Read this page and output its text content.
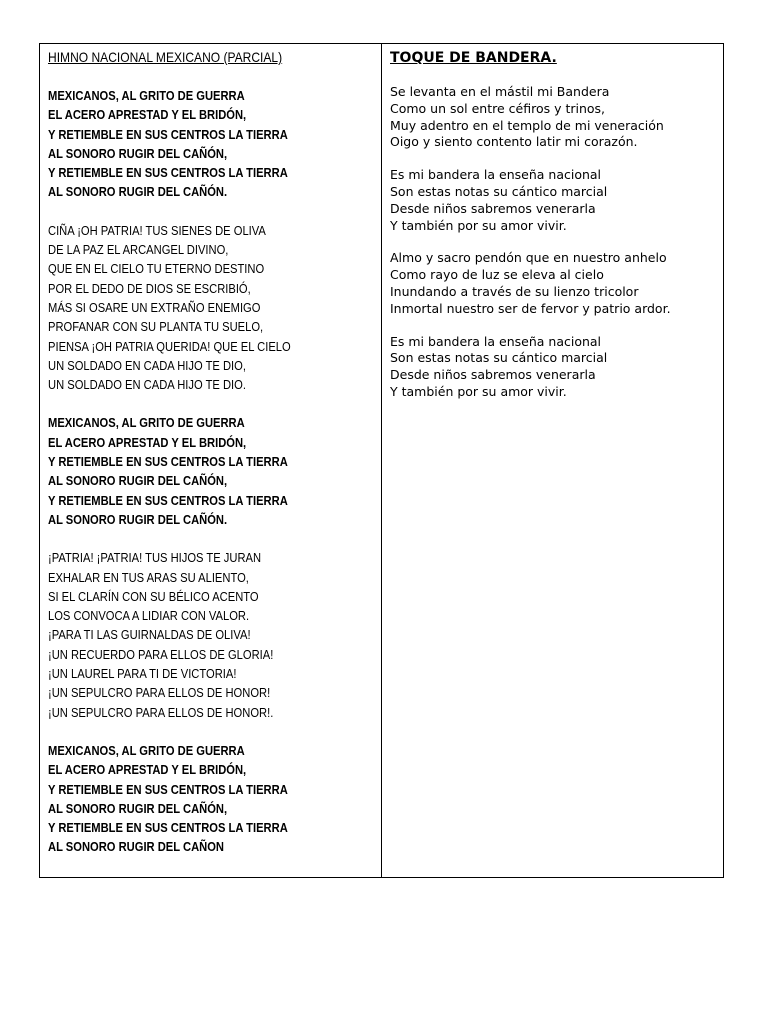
HIMNO NACIONAL MEXICANO (PARCIAL)
MEXICANOS, AL GRITO DE GUERRA
EL ACERO APRESTAD Y EL BRIDÓN,
Y RETIEMBLE EN SUS CENTROS LA TIERRA
AL SONORO RUGIR DEL CAÑÓN,
Y RETIEMBLE EN SUS CENTROS LA TIERRA
AL SONORO RUGIR DEL CAÑÓN.
CIÑA ¡OH PATRIA! TUS SIENES DE OLIVA
DE LA PAZ EL ARCANGEL DIVINO,
QUE EN EL CIELO TU ETERNO DESTINO
POR EL DEDO DE DIOS SE ESCRIBIÓ,
MÁS SI OSARE UN EXTRAÑO ENEMIGO
PROFANAR CON SU PLANTA TU SUELO,
PIENSA ¡OH PATRIA QUERIDA! QUE EL CIELO
UN SOLDADO EN CADA HIJO TE DIO,
UN SOLDADO EN CADA HIJO TE DIO.
MEXICANOS, AL GRITO DE GUERRA
EL ACERO APRESTAD Y EL BRIDÓN,
Y RETIEMBLE EN SUS CENTROS LA TIERRA
AL SONORO RUGIR DEL CAÑÓN,
Y RETIEMBLE EN SUS CENTROS LA TIERRA
AL SONORO RUGIR DEL CAÑÓN.
¡PATRIA! ¡PATRIA! TUS HIJOS TE JURAN
EXHALAR EN TUS ARAS SU ALIENTO,
SI EL CLARÍN CON SU BÉLICO ACENTO
LOS CONVOCA A LIDIAR CON VALOR.
¡PARA TI LAS GUIRNALDAS DE OLIVA!
¡UN RECUERDO PARA ELLOS DE GLORIA!
¡UN LAUREL PARA TI DE VICTORIA!
¡UN SEPULCRO PARA ELLOS DE HONOR!
¡UN SEPULCRO PARA ELLOS DE HONOR!.
MEXICANOS, AL GRITO DE GUERRA
EL ACERO APRESTAD Y EL BRIDÓN,
Y RETIEMBLE EN SUS CENTROS LA TIERRA
AL SONORO RUGIR DEL CAÑÓN,
Y RETIEMBLE EN SUS CENTROS LA TIERRA
AL SONORO RUGIR DEL CAÑON
TOQUE DE BANDERA.
Se levanta en el mástil mi Bandera
Como un sol entre céfiros y trinos,
Muy adentro en el templo de mi veneración
Oigo y siento contento latir mi corazón.
Es mi bandera la enseña nacional
Son estas notas su cántico marcial
Desde niños sabremos venerarla
Y también por su amor vivir.
Almo y sacro pendón que en nuestro anhelo
Como rayo de luz se eleva al cielo
Inundando a través de su lienzo tricolor
Inmortal nuestro ser de fervor y patrio ardor.
Es mi bandera la enseña nacional
Son estas notas su cántico marcial
Desde niños sabremos venerarla
Y también por su amor vivir.
